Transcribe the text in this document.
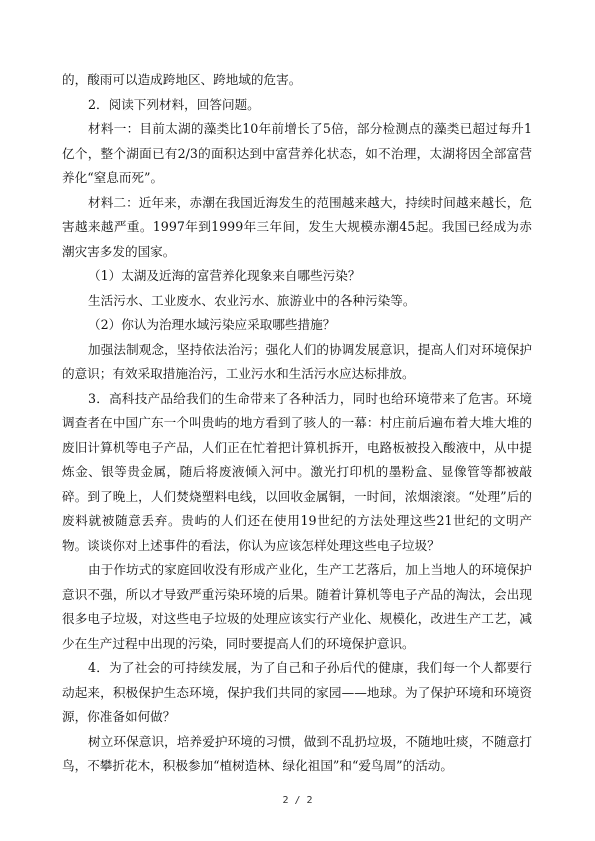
的，酸雨可以造成跨地区、跨地域的危害。

2．阅读下列材料，回答问题。

材料一：目前太湖的藻类比10年前增长了5倍，部分检测点的藻类已超过每升1亿个，整个湖面已有2/3的面积达到中富营养化状态，如不治理，太湖将因全部富营养化“窒息而死”。

材料二：近年来，赤潮在我国近海发生的范围越来越大，持续时间越来越长，危害越来越严重。1997年到1999年三年间，发生大规模赤潮45起。我国已经成为赤潮灾害多发的国家。

（1）太湖及近海的富营养化现象来自哪些污染？

生活污水、工业废水、农业污水、旅游业中的各种污染等。

（2）你认为治理水域污染应采取哪些措施？

加强法制观念，坚持依法治污；强化人们的协调发展意识，提高人们对环境保护的意识；有效采取措施治污，工业污水和生活污水应达标排放。

3．高科技产品给我们的生命带来了各种活力，同时也给环境带来了危害。环境调查者在中国广东一个叫贵屿的地方看到了骇人的一幕：村庄前后遍布着大堆大堆的废旧计算机等电子产品，人们正在忙着把计算机拆开，电路板被投入酸液中，从中提炼金、银等贵金属，随后将废液倾入河中。激光打印机的墨粉盒、显像管等都被敲碎。到了晚上，人们焚烧塑料电线，以回收金属铜，一时间，浓烟滚滚。“处理”后的废料就被随意丢弃。贵屿的人们还在使用19世纪的方法处理这些21世纪的文明产物。谈谈你对上述事件的看法，你认为应该怎样处理这些电子垃圾？

由于作坊式的家庭回收没有形成产业化，生产工艺落后，加上当地人的环境保护意识不强，所以才导致严重污染环境的后果。随着计算机等电子产品的淘汰，会出现很多电子垃圾，对这些电子垃圾的处理应该实行产业化、规模化，改进生产工艺，减少在生产过程中出现的污染，同时要提高人们的环境保护意识。

4．为了社会的可持续发展，为了自己和子孙后代的健康，我们每一个人都要行动起来，积极保护生态环境，保护我们共同的家园——地球。为了保护环境和环境资源，你准备如何做？

树立环保意识，培养爱护环境的习惯，做到不乱扔垃圾，不随地吐痰，不随意打鸟，不攀折花木，积极参加“植树造林、绿化祖国”和“爱鸟周”的活动。

2 / 2
